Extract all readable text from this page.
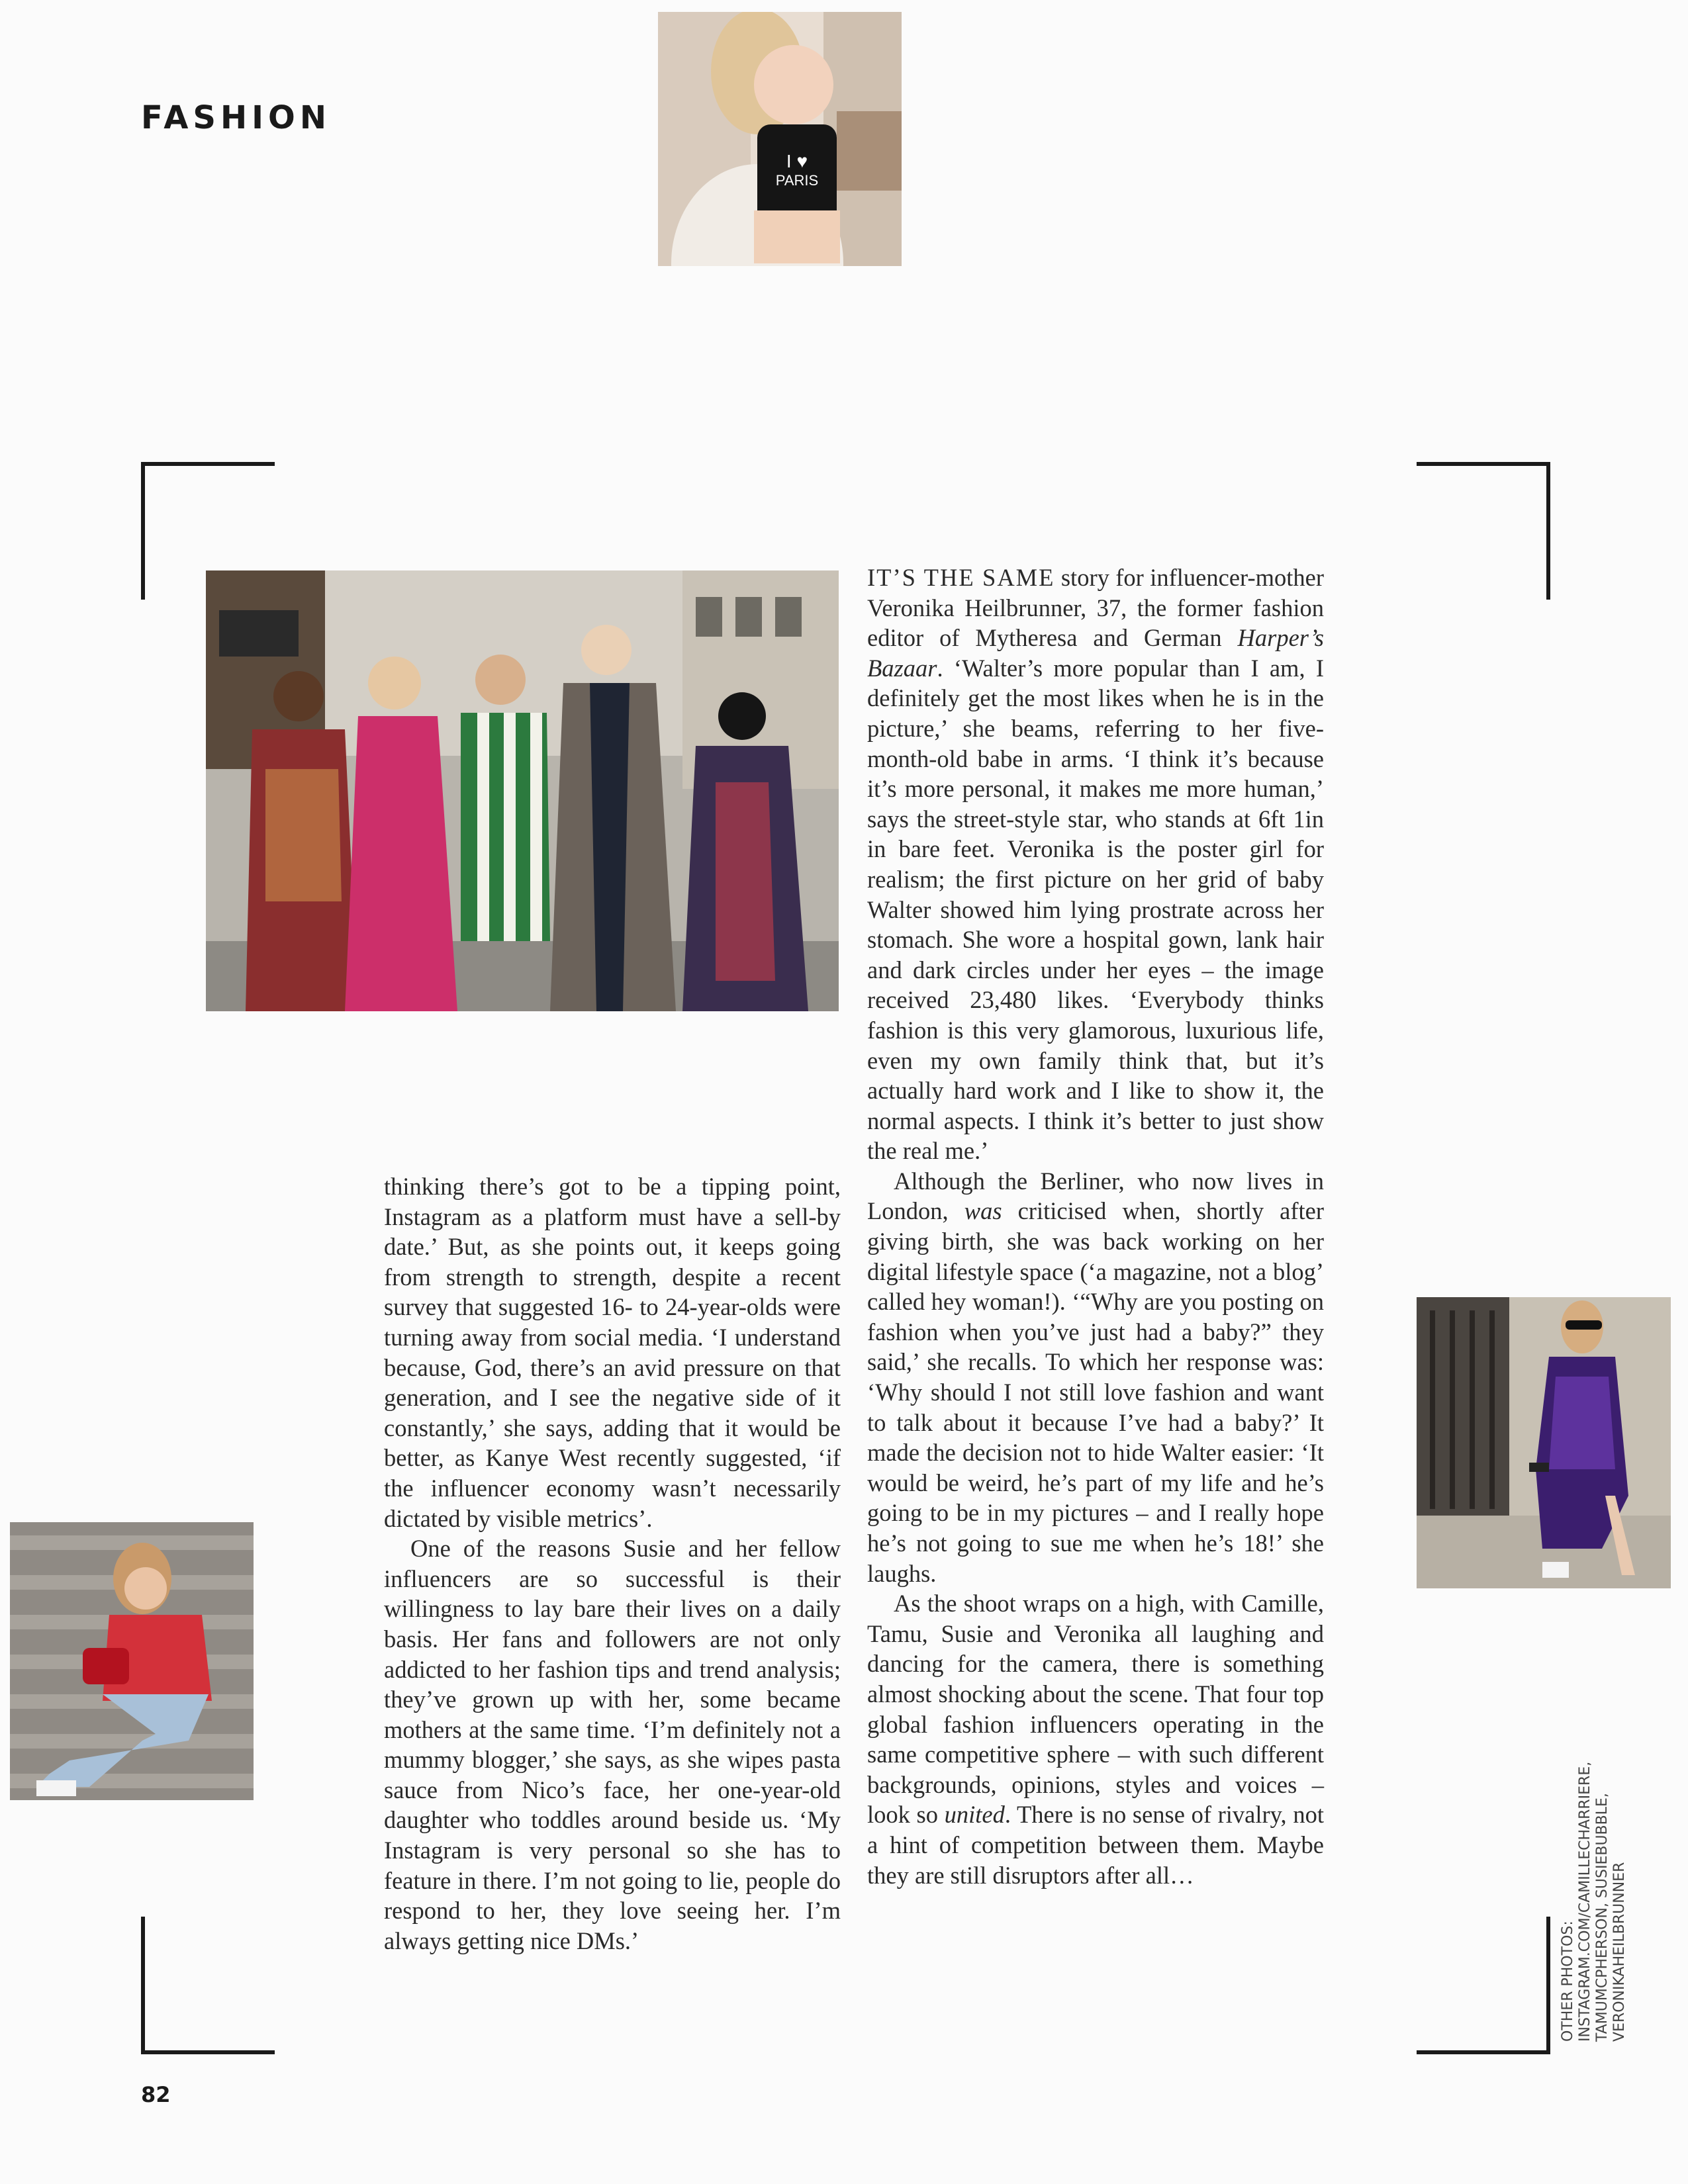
FASHION
82
I ♥
PARIS

thinking there’s got to be a tipping point, Instagram as a platform must have a sell-by date.’ But, as she points out, it keeps going from strength to strength, despite a recent survey that suggested 16- to 24-year-olds were turning away from social media. ‘I understand because, God, there’s an avid pressure on that generation, and I see the negative side of it constantly,’ she says, adding that it would be better, as Kanye West recently suggested, ‘if the influencer economy wasn’t necessarily dictated by visible metrics’.

One of the reasons Susie and her fellow influencers are so successful is their willingness to lay bare their lives on a daily basis. Her fans and followers are not only addicted to her fashion tips and trend analysis; they’ve grown up with her, some became mothers at the same time. ‘I’m definitely not a mummy blogger,’ she says, as she wipes pasta sauce from Nico’s face, her one-year-old daughter who toddles around beside us. ‘My Instagram is very personal so she has to feature in there. I’m not going to lie, people do respond to her, they love seeing her. I’m always getting nice DMs.’

IT’S THE SAME story for influencer-mother Veronika Heilbrunner, 37, the former fashion editor of Mytheresa and German Harper’s Bazaar. ‘Walter’s more popular than I am, I definitely get the most likes when he is in the picture,’ she beams, referring to her five-month-old babe in arms. ‘I think it’s because it’s more personal, it makes me more human,’ says the street-style star, who stands at 6ft 1in in bare feet. Veronika is the poster girl for realism; the first picture on her grid of baby Walter showed him lying prostrate across her stomach. She wore a hospital gown, lank hair and dark circles under her eyes – the image received 23,480 likes. ‘Everybody thinks fashion is this very glamorous, luxurious life, even my own family think that, but it’s actually hard work and I like to show it, the normal aspects. I think it’s better to just show the real me.’

Although the Berliner, who now lives in London, was criticised when, shortly after giving birth, she was back working on her digital lifestyle space (‘a magazine, not a blog’ called hey woman!). ‘“Why are you posting on fashion when you’ve just had a baby?” they said,’ she recalls. To which her response was: ‘Why should I not still love fashion and want to talk about it because I’ve had a baby?’ It made the decision not to hide Walter easier: ‘It would be weird, he’s part of my life and he’s going to be in my pictures – and I really hope he’s not going to sue me when he’s 18!’ she laughs.

As the shoot wraps on a high, with Camille, Tamu, Susie and Veronika all laughing and dancing for the camera, there is something almost shocking about the scene. That four top global fashion influencers operating in the same competitive sphere – with such different backgrounds, opinions, styles and voices – look so united. There is no sense of rivalry, not a hint of competition between them. Maybe they are still disruptors after all…

OTHER PHOTOS: INSTAGRAM.COM/CAMILLECHARRIERE, TAMUMCPHERSON, SUSIEBUBBLE, VERONIKAHEILBRUNNER
